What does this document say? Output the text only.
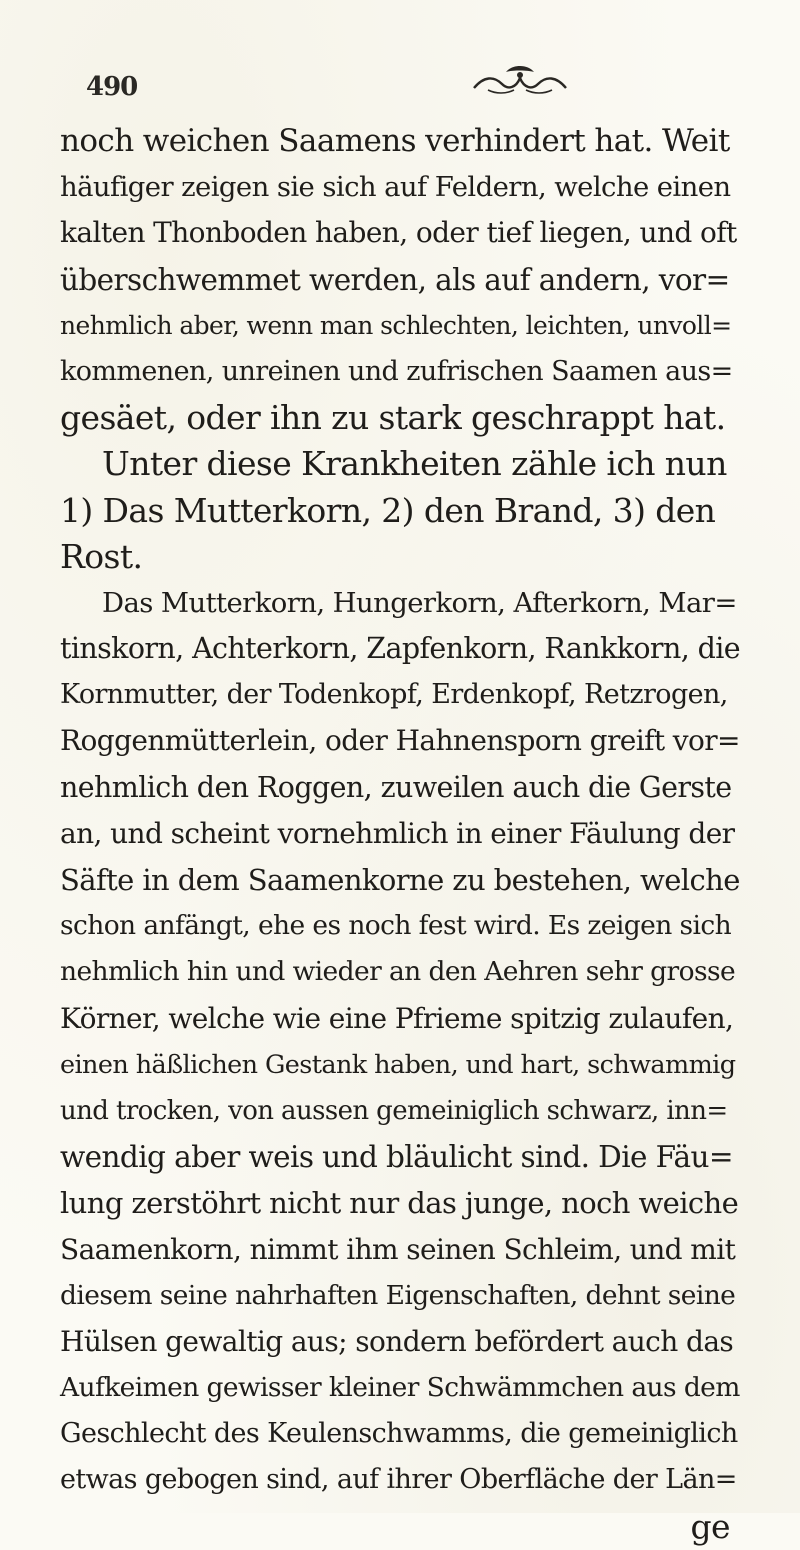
490
noch weichen Saamens verhindert hat. Weit
häufiger zeigen sie sich auf Feldern, welche einen
kalten Thonboden haben, oder tief liegen, und oft
überschwemmet werden, als auf andern, vor=
nehmlich aber, wenn man schlechten, leichten, unvoll=
kommenen, unreinen und zufrischen Saamen aus=
gesäet, oder ihn zu stark geschrappt hat.
Unter diese Krankheiten zähle ich nun
1) Das Mutterkorn, 2) den Brand, 3) den
Rost.
Das Mutterkorn, Hungerkorn, Afterkorn, Mar=
tinskorn, Achterkorn, Zapfenkorn, Rankkorn, die
Kornmutter, der Todenkopf, Erdenkopf, Retzrogen,
Roggenmütterlein, oder Hahnensporn greift vor=
nehmlich den Roggen, zuweilen auch die Gerste
an, und scheint vornehmlich in einer Fäulung der
Säfte in dem Saamenkorne zu bestehen, welche
schon anfängt, ehe es noch fest wird. Es zeigen sich
nehmlich hin und wieder an den Aehren sehr grosse
Körner, welche wie eine Pfrieme spitzig zulaufen,
einen häßlichen Gestank haben, und hart, schwammig
und trocken, von aussen gemeiniglich schwarz, inn=
wendig aber weis und bläulicht sind. Die Fäu=
lung zerstöhrt nicht nur das junge, noch weiche
Saamenkorn, nimmt ihm seinen Schleim, und mit
diesem seine nahrhaften Eigenschaften, dehnt seine
Hülsen gewaltig aus; sondern befördert auch das
Aufkeimen gewisser kleiner Schwämmchen aus dem
Geschlecht des Keulenschwamms, die gemeiniglich
etwas gebogen sind, auf ihrer Oberfläche der Län=
ge
